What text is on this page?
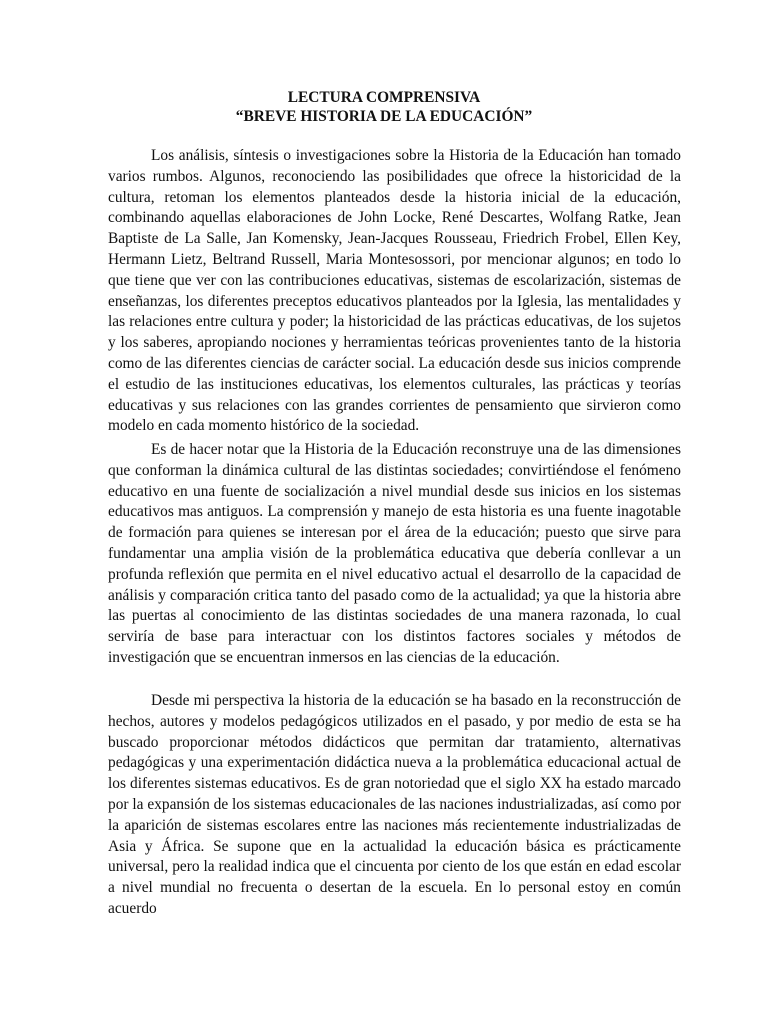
LECTURA COMPRENSIVA
“BREVE HISTORIA DE LA EDUCACIÓN”

Los análisis, síntesis o investigaciones sobre la Historia de la Educación han tomado varios rumbos. Algunos, reconociendo las posibilidades que ofrece la historicidad de la cultura, retoman los elementos planteados desde la historia inicial de la educación, combinando aquellas elaboraciones de John Locke, René Descartes, Wolfang Ratke, Jean Baptiste de La Salle, Jan Komensky, Jean-Jacques Rousseau, Friedrich Frobel, Ellen Key, Hermann Lietz, Beltrand Russell, Maria Montesossori, por mencionar algunos; en todo lo que tiene que ver con las contribuciones educativas, sistemas de escolarización, sistemas de enseñanzas, los diferentes preceptos educativos planteados por la Iglesia, las mentalidades y las relaciones entre cultura y poder; la historicidad de las prácticas educativas, de los sujetos y los saberes, apropiando nociones y herramientas teóricas provenientes tanto de la historia como de las diferentes ciencias de carácter social. La educación desde sus inicios comprende el estudio de las instituciones educativas, los elementos culturales, las prácticas y teorías educativas y sus relaciones con las grandes corrientes de pensamiento que sirvieron como modelo en cada momento histórico de la sociedad.

Es de hacer notar que la Historia de la Educación reconstruye una de las dimensiones que conforman la dinámica cultural de las distintas sociedades; convirtiéndose el fenómeno educativo en una fuente de socialización a nivel mundial desde sus inicios en los sistemas educativos mas antiguos. La comprensión y manejo de esta historia es una fuente inagotable de formación para quienes se interesan por el área de la educación; puesto que sirve para fundamentar una amplia visión de la problemática educativa que debería conllevar a un profunda reflexión que permita en el nivel educativo actual el desarrollo de la capacidad de análisis y comparación critica tanto del pasado como de la actualidad; ya que la historia abre las puertas al conocimiento de las distintas sociedades de una manera razonada, lo cual serviría de base para interactuar con los distintos factores sociales y métodos de investigación que se encuentran inmersos en las ciencias de la educación.

Desde mi perspectiva la historia de la educación se ha basado en la reconstrucción de hechos, autores y modelos pedagógicos utilizados en el pasado, y por medio de esta se ha buscado proporcionar métodos didácticos que permitan dar tratamiento, alternativas pedagógicas y una experimentación didáctica nueva a la problemática educacional actual de los diferentes sistemas educativos. Es de gran notoriedad que el siglo XX ha estado marcado por la expansión de los sistemas educacionales de las naciones industrializadas, así como por la aparición de sistemas escolares entre las naciones más recientemente industrializadas de Asia y África. Se supone que en la actualidad la educación básica es prácticamente universal, pero la realidad indica que el cincuenta por ciento de los que están en edad escolar a nivel mundial no frecuenta o desertan de la escuela. En lo personal estoy en común acuerdo
